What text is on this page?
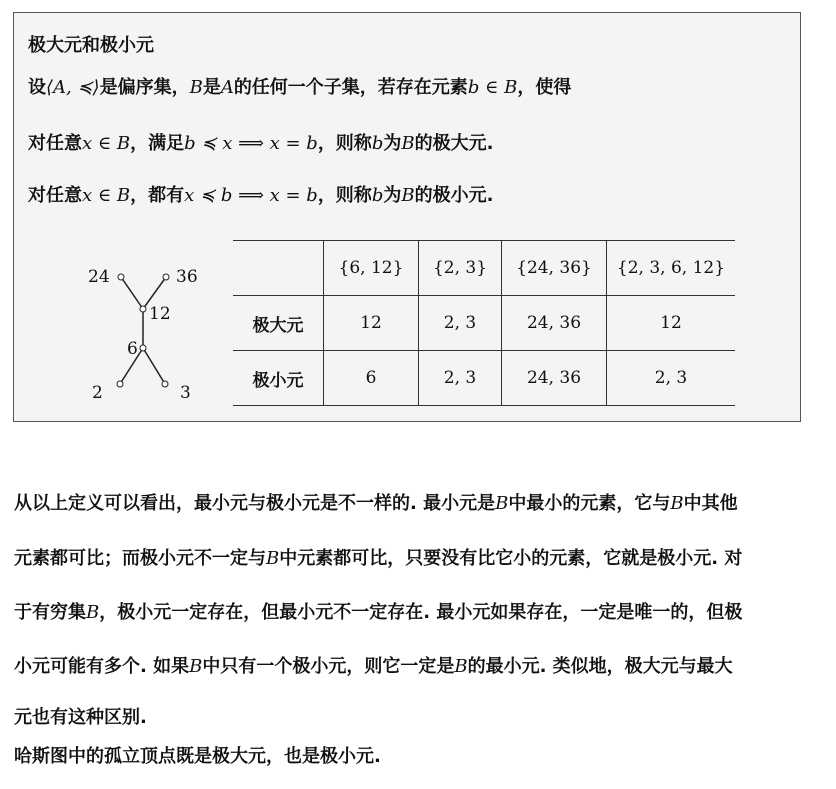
极大元和极小元
设⟨A, ≼⟩是偏序集，B是A的任何一个子集，若存在元素b ∈ B，使得
对任意x ∈ B，满足b ≼ x ⟹ x = b，则称b为B的极大元.
对任意x ∈ B，都有x ≼ b ⟹ x = b，则称b为B的极小元.
24	36
12
6
2	3
	{6, 12}	{2, 3}	{24, 36}	{2, 3, 6, 12}
极大元	12	2, 3	24, 36	12
极小元	6	2, 3	24, 36	2, 3
从以上定义可以看出，最小元与极小元是不一样的. 最小元是B中最小的元素，它与B中其他
元素都可比；而极小元不一定与B中元素都可比，只要没有比它小的元素，它就是极小元. 对
于有穷集B，极小元一定存在，但最小元不一定存在. 最小元如果存在，一定是唯一的，但极
小元可能有多个. 如果B中只有一个极小元，则它一定是B的最小元. 类似地，极大元与最大
元也有这种区别.
哈斯图中的孤立顶点既是极大元，也是极小元.
